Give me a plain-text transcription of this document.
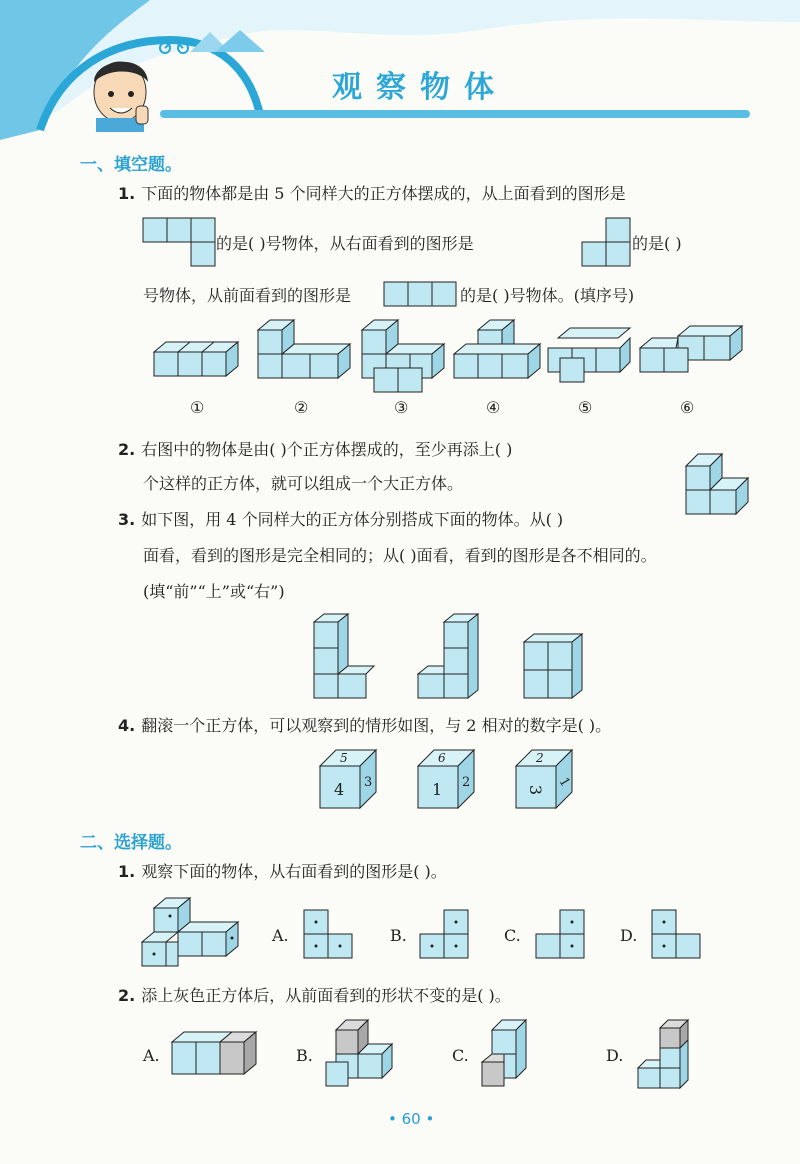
观察物体
一、填空题。
1. 下面的物体都是由 5 个同样大的正方体摆成的，从上面看到的图形是
的是( )号物体，从右面看到的图形是	的是( )
号物体，从前面看到的图形是	的是( )号物体。(填序号)
①	②	③	④	⑤	⑥
2. 右图中的物体是由( )个正方体摆成的，至少再添上( )
个这样的正方体，就可以组成一个大正方体。
3. 如下图，用 4 个同样大的正方体分别搭成下面的物体。从( )
面看，看到的图形是完全相同的；从( )面看，看到的图形是各不相同的。
(填“前”“上”或“右”)
4. 翻滚一个正方体，可以观察到的情形如图，与 2 相对的数字是( )。
5
4 3
6
1 2
2
3
1
二、选择题。
1. 观察下面的物体，从右面看到的图形是( )。
A.	B.	C.	D.
2. 添上灰色正方体后，从前面看到的形状不变的是( )。
A.	B.	C.	D.
• 60 •
